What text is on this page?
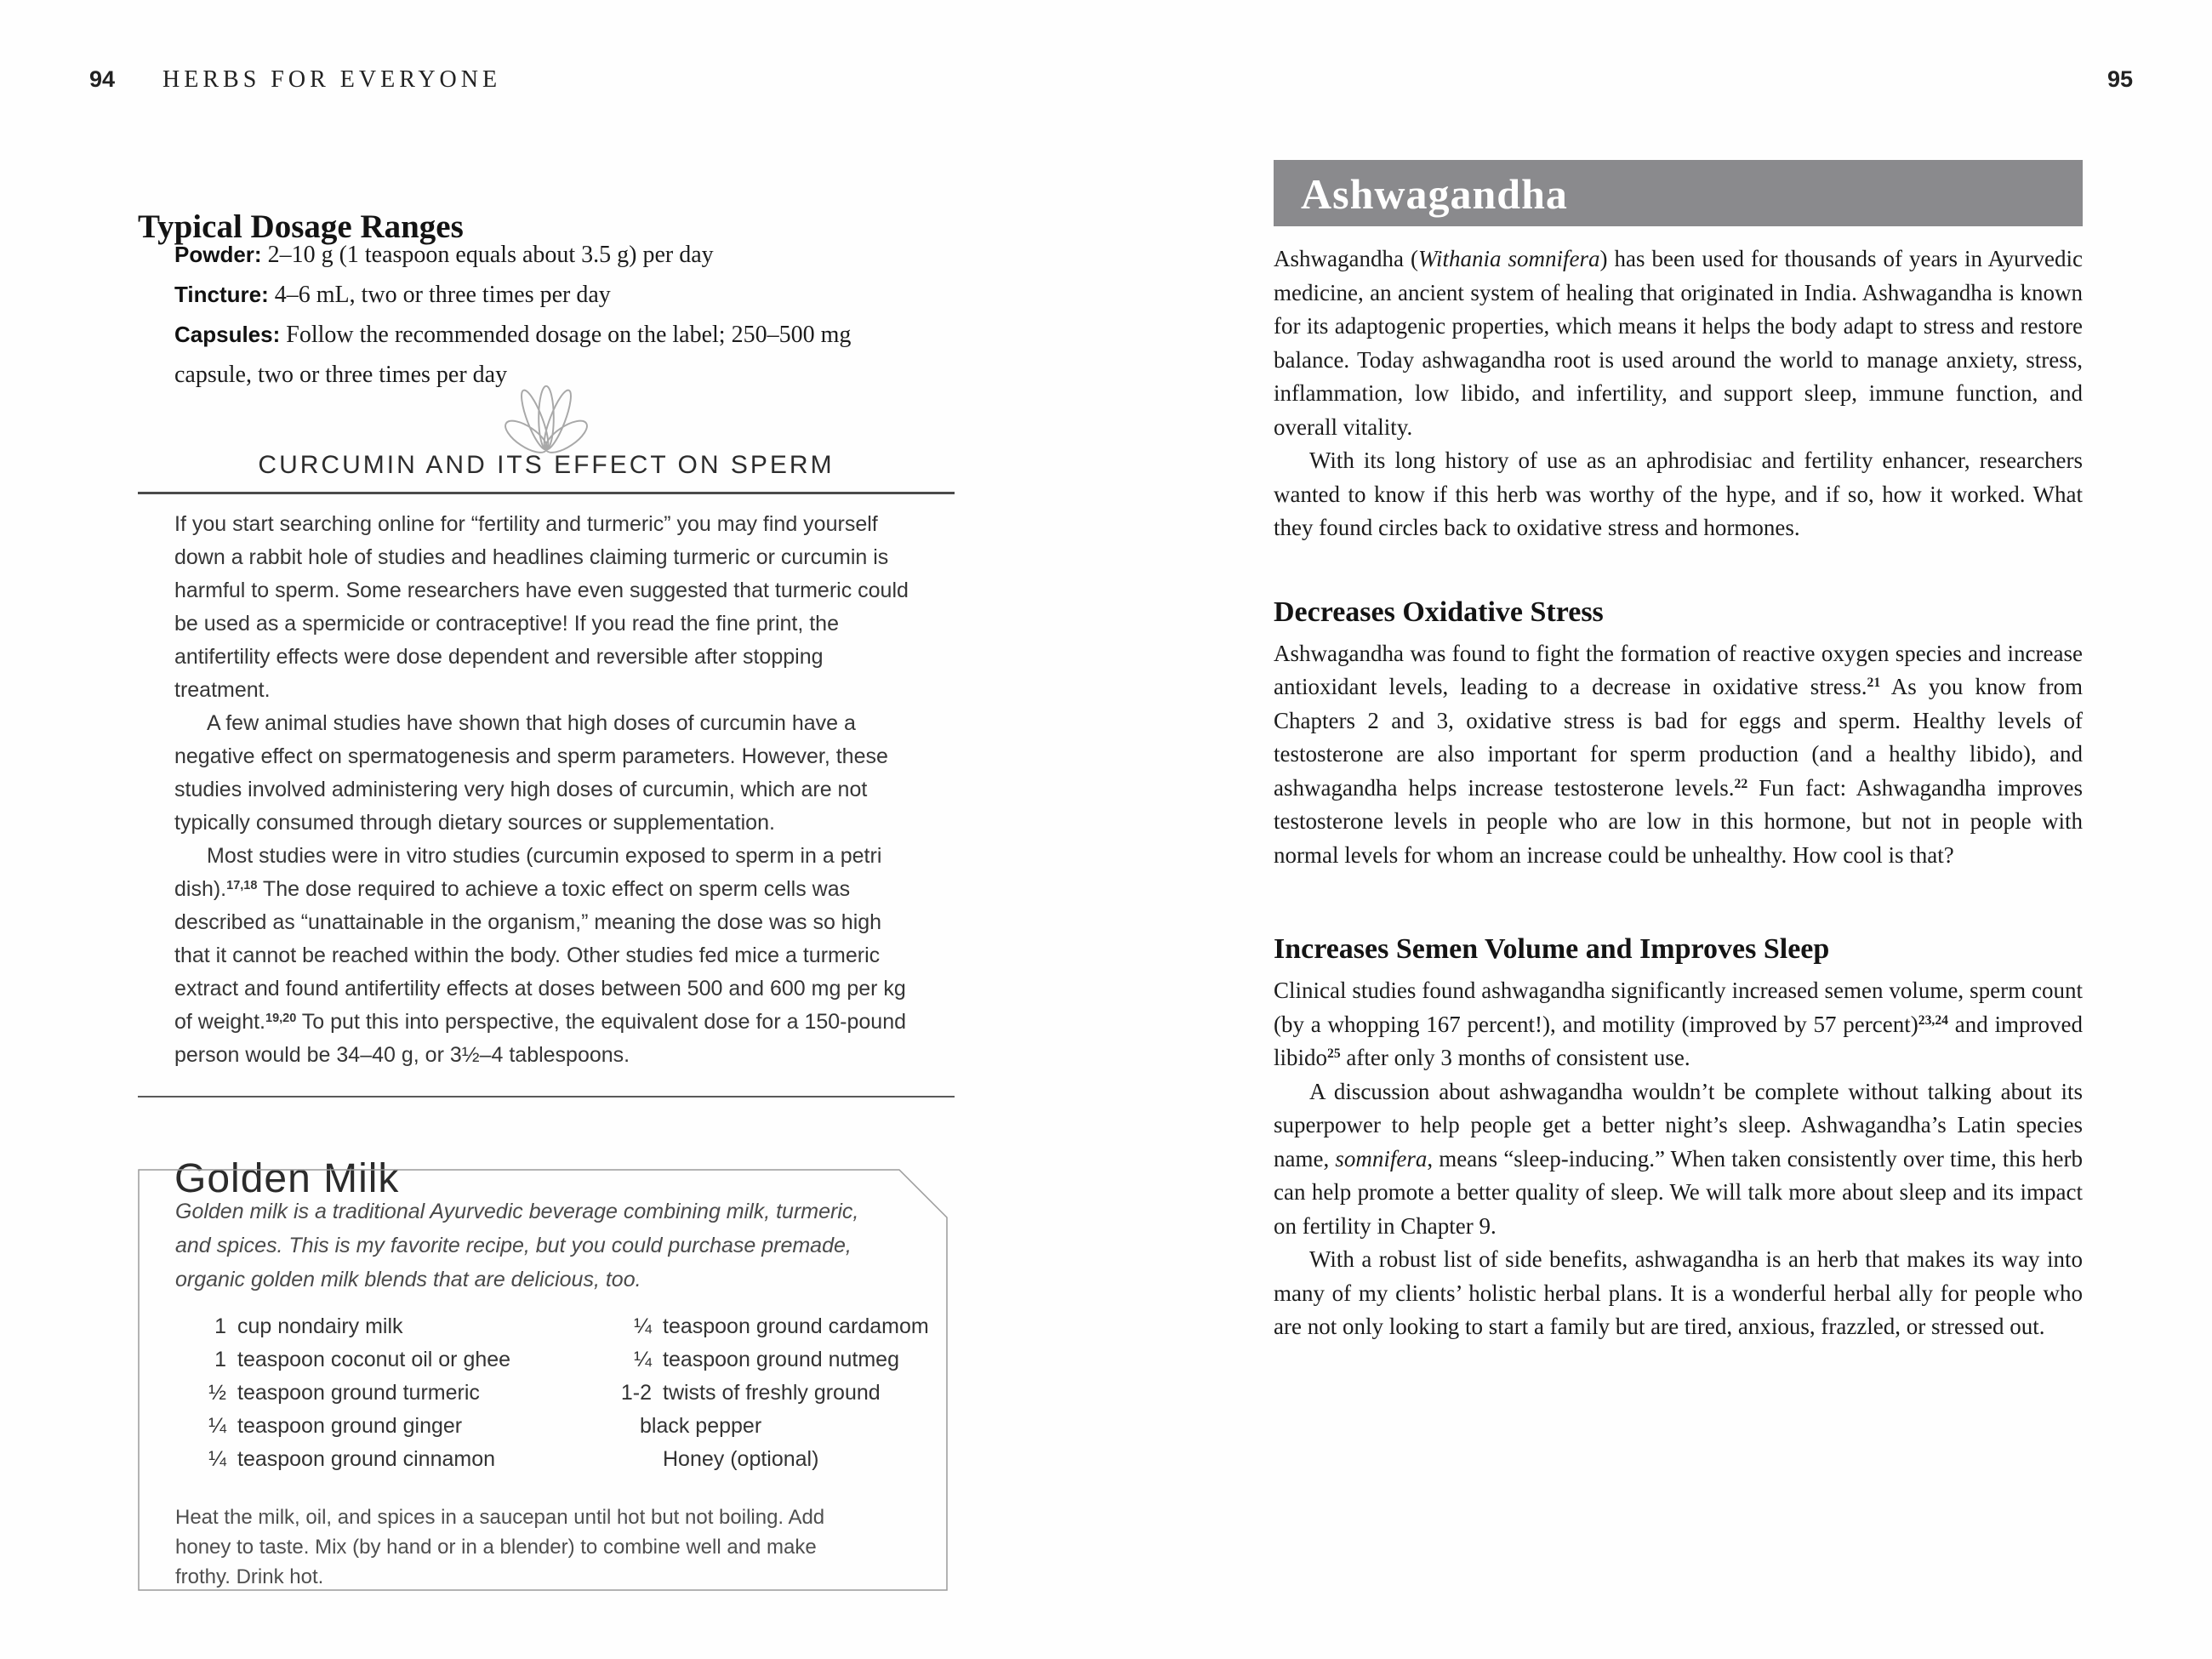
94 HERBS FOR EVERYONE
Typical Dosage Ranges
Powder: 2–10 g (1 teaspoon equals about 3.5 g) per day
Tincture: 4–6 mL, two or three times per day
Capsules: Follow the recommended dosage on the label; 250–500 mg capsule, two or three times per day
CURCUMIN AND ITS EFFECT ON SPERM

If you start searching online for “fertility and turmeric” you may find yourself down a rabbit hole of studies and headlines claiming turmeric or curcumin is harmful to sperm. Some researchers have even suggested that turmeric could be used as a spermicide or contraceptive! If you read the fine print, the antifertility effects were dose dependent and reversible after stopping treatment.

A few animal studies have shown that high doses of curcumin have a negative effect on spermatogenesis and sperm parameters. However, these studies involved administering very high doses of curcumin, which are not typically consumed through dietary sources or supplementation.

Most studies were in vitro studies (curcumin exposed to sperm in a petri dish).$^{17,18}$ The dose required to achieve a toxic effect on sperm cells was described as “unattainable in the organism,” meaning the dose was so high that it cannot be reached within the body. Other studies fed mice a turmeric extract and found antifertility effects at doses between 500 and 600 mg per kg of weight.$^{19,20}$ To put this into perspective, the equivalent dose for a 150-pound person would be 34–40 g, or 3½–4 tablespoons.

Golden Milk

Golden milk is a traditional Ayurvedic beverage combining milk, turmeric, and spices. This is my favorite recipe, but you could purchase premade, organic golden milk blends that are delicious, too.

1 cup nondairy milk
1 teaspoon coconut oil or ghee
½ teaspoon ground turmeric
¼ teaspoon ground ginger
¼ teaspoon ground cinnamon
¼ teaspoon ground cardamom
¼ teaspoon ground nutmeg
1-2 twists of freshly ground
black pepper
Honey (optional)

Heat the milk, oil, and spices in a saucepan until hot but not boiling. Add honey to taste. Mix (by hand or in a blender) to combine well and make frothy. Drink hot.

95
Ashwagandha

Ashwagandha (Withania somnifera) has been used for thousands of years in Ayurvedic medicine, an ancient system of healing that originated in India. Ashwagandha is known for its adaptogenic properties, which means it helps the body adapt to stress and restore balance. Today ashwagandha root is used around the world to manage anxiety, stress, inflammation, low libido, and infertility, and support sleep, immune function, and overall vitality.

With its long history of use as an aphrodisiac and fertility enhancer, researchers wanted to know if this herb was worthy of the hype, and if so, how it worked. What they found circles back to oxidative stress and hormones.

Decreases Oxidative Stress

Ashwagandha was found to fight the formation of reactive oxygen species and increase antioxidant levels, leading to a decrease in oxidative stress.$^{21}$ As you know from Chapters 2 and 3, oxidative stress is bad for eggs and sperm. Healthy levels of testosterone are also important for sperm production (and a healthy libido), and ashwagandha helps increase testosterone levels.$^{22}$ Fun fact: Ashwagandha improves testosterone levels in people who are low in this hormone, but not in people with normal levels for whom an increase could be unhealthy. How cool is that?

Increases Semen Volume and Improves Sleep

Clinical studies found ashwagandha significantly increased semen volume, sperm count (by a whopping 167 percent!), and motility (improved by 57 percent)$^{23,24}$ and improved libido$^{25}$ after only 3 months of consistent use.

A discussion about ashwagandha wouldn’t be complete without talking about its superpower to help people get a better night’s sleep. Ashwagandha’s Latin species name, somnifera, means “sleep-inducing.” When taken consistently over time, this herb can help promote a better quality of sleep. We will talk more about sleep and its impact on fertility in Chapter 9.

With a robust list of side benefits, ashwagandha is an herb that makes its way into many of my clients’ holistic herbal plans. It is a wonderful herbal ally for people who are not only looking to start a family but are tired, anxious, frazzled, or stressed out.
